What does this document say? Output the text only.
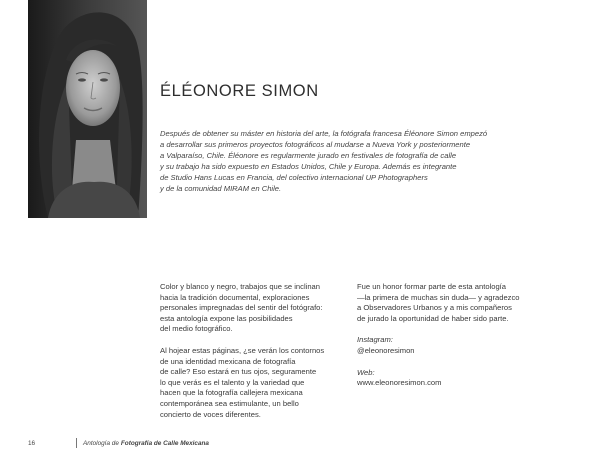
ÉLÉONORE SIMON
Después de obtener su máster en historia del arte, la fotógrafa francesa Éléonore Simon empezó
a desarrollar sus primeros proyectos fotográficos al mudarse a Nueva York y posteriormente
a Valparaíso, Chile. Éléonore es regularmente jurado en festivales de fotografía de calle
y su trabajo ha sido expuesto en Estados Unidos, Chile y Europa. Además es integrante
de Studio Hans Lucas en Francia, del colectivo internacional UP Photographers
y de la comunidad MIRAM en Chile.
Color y blanco y negro, trabajos que se inclinan
hacia la tradición documental, exploraciones
personales impregnadas del sentir del fotógrafo:
esta antología expone las posibilidades
del medio fotográfico.
Al hojear estas páginas, ¿se verán los contornos
de una identidad mexicana de fotografía
de calle? Eso estará en tus ojos, seguramente
lo que verás es el talento y la variedad que
hacen que la fotografía callejera mexicana
contemporánea sea estimulante, un bello
concierto de voces diferentes.
Fue un honor formar parte de esta antología
—la primera de muchas sin duda— y agradezco
a Observadores Urbanos y a mis compañeros
de jurado la oportunidad de haber sido parte.
Instagram:
@eleonoresimon
Web:
www.eleonoresimon.com
16	Antología de Fotografía de Calle Mexicana
